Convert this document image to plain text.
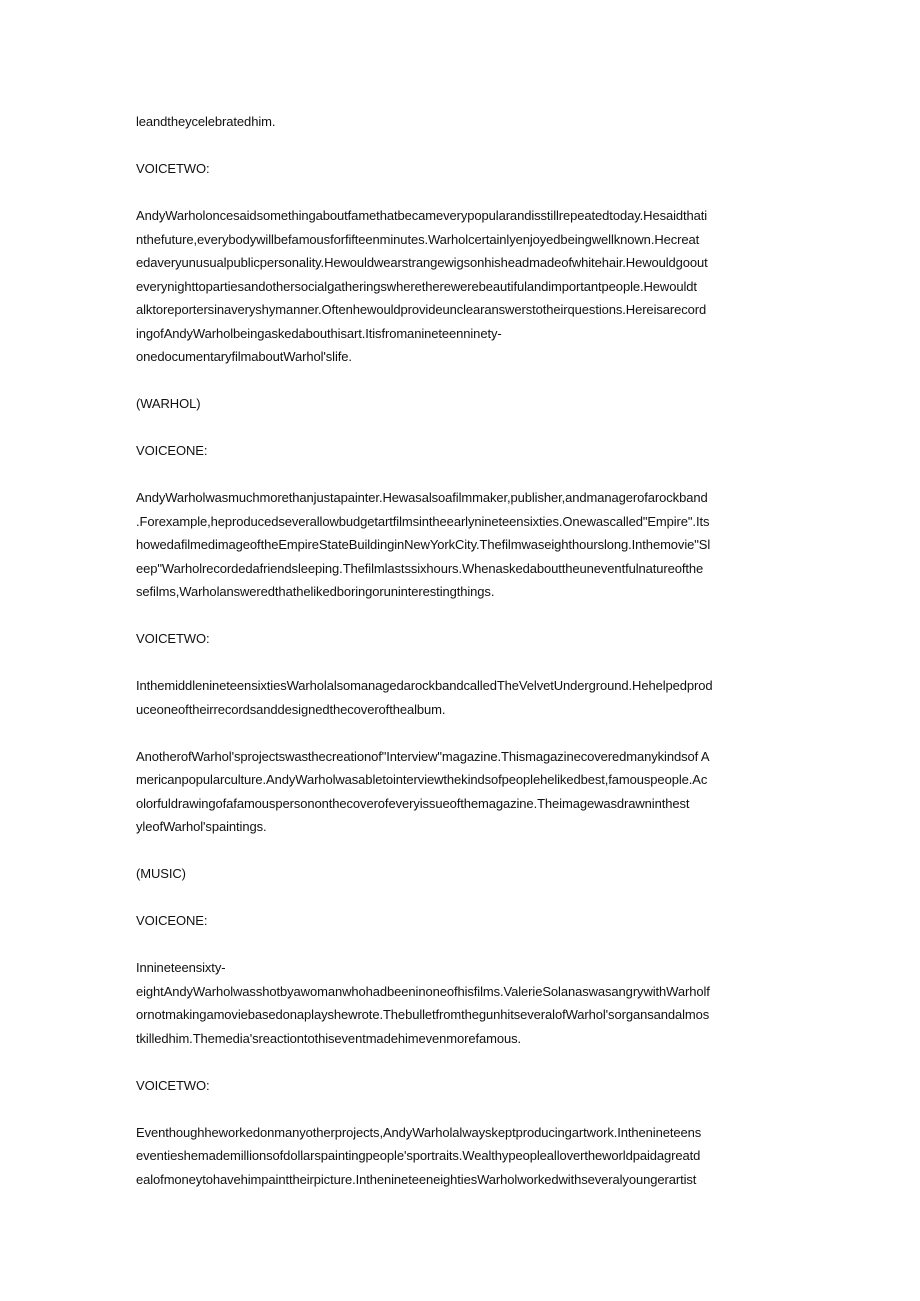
leandtheycelebratedhim.
VOICETWO:
AndyWarholoncesaidsomethingaboutfamethatbecameverypopularandisstillrepeatedtoday.Hesaidthati
nthefuture,everybodywillbefamousforfifteenminutes.Warholcertainlyenjoyedbeingwellknown.Hecreat
edaveryunusualpublicpersonality.Hewouldwearstrangewigsonhisheadmadeofwhitehair.Hewouldgoout
everynighttopartiesandothersocialgatheringswheretherewerebeautifulandimportantpeople.Hewouldt
alktoreportersinaveryshymanner.Oftenhewouldprovideunclearanswerstotheirquestions.Hereisarecord
ingofAndyWarholbeingaskedabouthisart.Itisfromanineteenninety-
onedocumentaryfilmaboutWarhol'slife.
(WARHOL)
VOICEONE:
AndyWarholwasmuchmorethanjustapainter.Hewasalsoafilmmaker,publisher,andmanagerofarockband
.Forexample,heproducedseverallowbudgetartfilmsintheearlynineteensixties.Onewascalled"Empire".Its
howedafilmedimageoftheEmpireStateBuildinginNewYorkCity.Thefilmwaseighthourslong.Inthemovie"Sl
eep"Warholrecordedafriendsleeping.Thefilmlastssixhours.Whenaskedabouttheuneventfulnatureofthe
sefilms,Warholansweredthathelikedboringoruninterestingthings.
VOICETWO:
InthemiddlenineteensixtiesWarholalsomanagedarockbandcalledTheVelvetUnderground.Hehelpedprod
uceoneoftheirrecordsanddesignedthecoverofthealbum.
AnotherofWarhol'sprojectswasthecreationof"Interview"magazine.Thismagazinecoveredmanykindsof A
mericanpopularculture.AndyWarholwasabletointerviewthekindsofpeoplehelikedbest,famouspeople.Ac
olorfuldrawingofafamouspersononthecoverofeveryissueofthemagazine.Theimagewasdrawninthest
yleofWarhol'spaintings.
(MUSIC)
VOICEONE:
Innineteensixty-
eightAndyWarholwasshotbyawomanwhohadbeeninoneofhisfilms.ValerieSolanaswasangrywithWarholf
ornotmakingamoviebasedonaplayshewrote.ThebulletfromthegunhitseveralofWarhol'sorgansandalmos
tkilledhim.Themedia'sreactiontothiseventmadehimevenmorefamous.
VOICETWO:
Eventhoughheworkedonmanyotherprojects,AndyWarholalwayskeptproducingartwork.Inthenineteens
eventieshemademillionsofdollarspaintingpeople'sportraits.Wealthypeopleallovertheworldpaidagreatd
ealofmoneytohavehimpainttheirpicture.InthenineteeneightiesWarholworkedwithseveralyoungerartist
